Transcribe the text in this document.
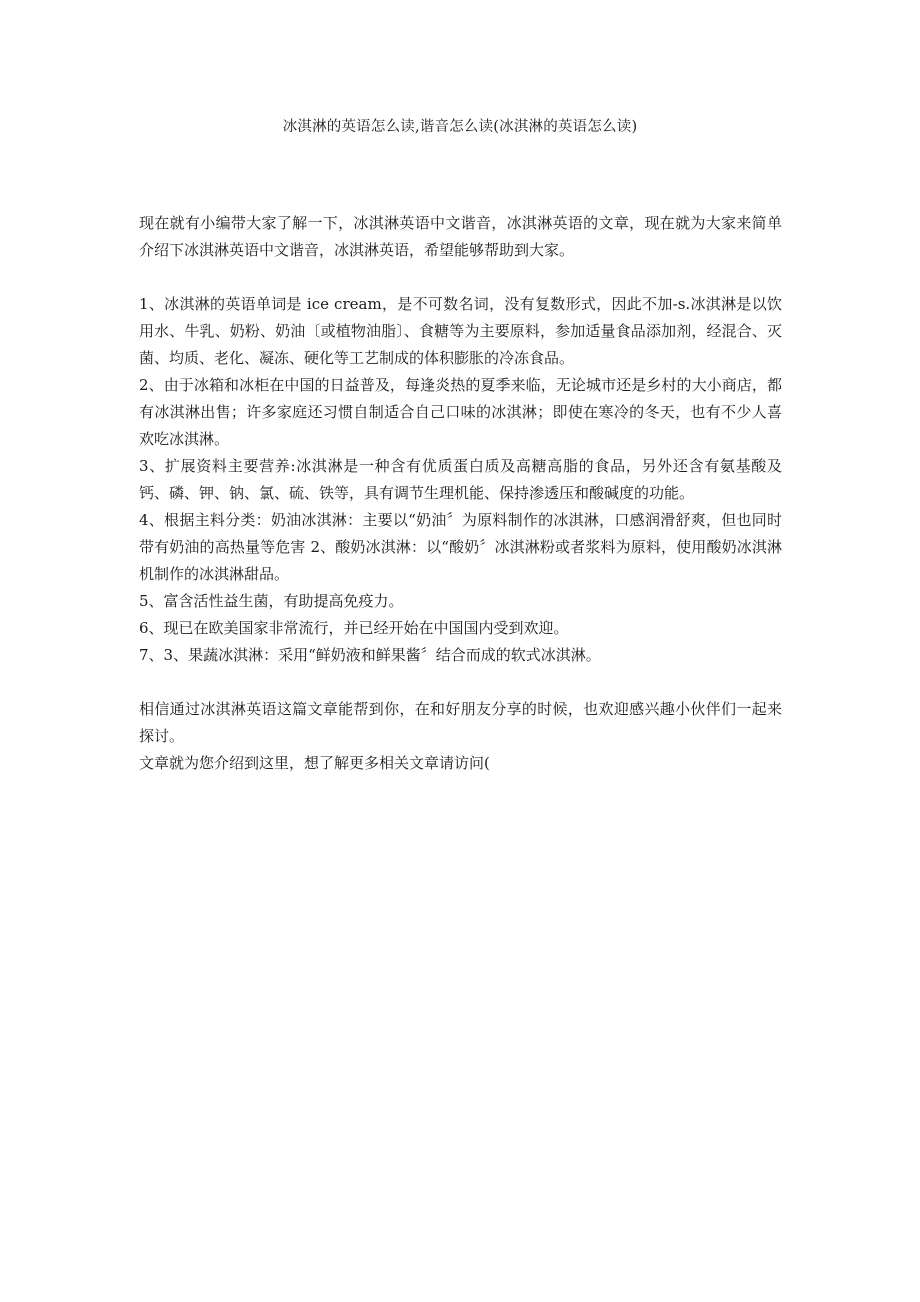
冰淇淋的英语怎么读,谐音怎么读(冰淇淋的英语怎么读)

现在就有小编带大家了解一下，冰淇淋英语中文谐音，冰淇淋英语的文章，现在就为大家来简单介绍下冰淇淋英语中文谐音，冰淇淋英语，希望能够帮助到大家。

1、冰淇淋的英语单词是 ice cream，是不可数名词，没有复数形式，因此不加-s.冰淇淋是以饮用水、牛乳、奶粉、奶油〔或植物油脂〕、食糖等为主要原料，参加适量食品添加剂，经混合、灭菌、均质、老化、凝冻、硬化等工艺制成的体积膨胀的冷冻食品。
2、由于冰箱和冰柜在中国的日益普及，每逢炎热的夏季来临，无论城市还是乡村的大小商店，都有冰淇淋出售；许多家庭还习惯自制适合自己口味的冰淇淋；即使在寒冷的冬天，也有不少人喜欢吃冰淇淋。
3、扩展资料主要营养:冰淇淋是一种含有优质蛋白质及高糖高脂的食品，另外还含有氨基酸及钙、磷、钾、钠、氯、硫、铁等，具有调节生理机能、保持渗透压和酸碱度的功能。
4、根据主料分类：奶油冰淇淋：主要以“奶油〞为原料制作的冰淇淋，口感润滑舒爽，但也同时带有奶油的高热量等危害 2、酸奶冰淇淋：以“酸奶〞冰淇淋粉或者浆料为原料，使用酸奶冰淇淋机制作的冰淇淋甜品。
5、富含活性益生菌，有助提高免疫力。
6、现已在欧美国家非常流行，并已经开始在中国国内受到欢迎。
7、3、果蔬冰淇淋：采用“鲜奶液和鲜果酱〞结合而成的软式冰淇淋。

相信通过冰淇淋英语这篇文章能帮到你，在和好朋友分享的时候，也欢迎感兴趣小伙伴们一起来探讨。

文章就为您介绍到这里，想了解更多相关文章请访问(
